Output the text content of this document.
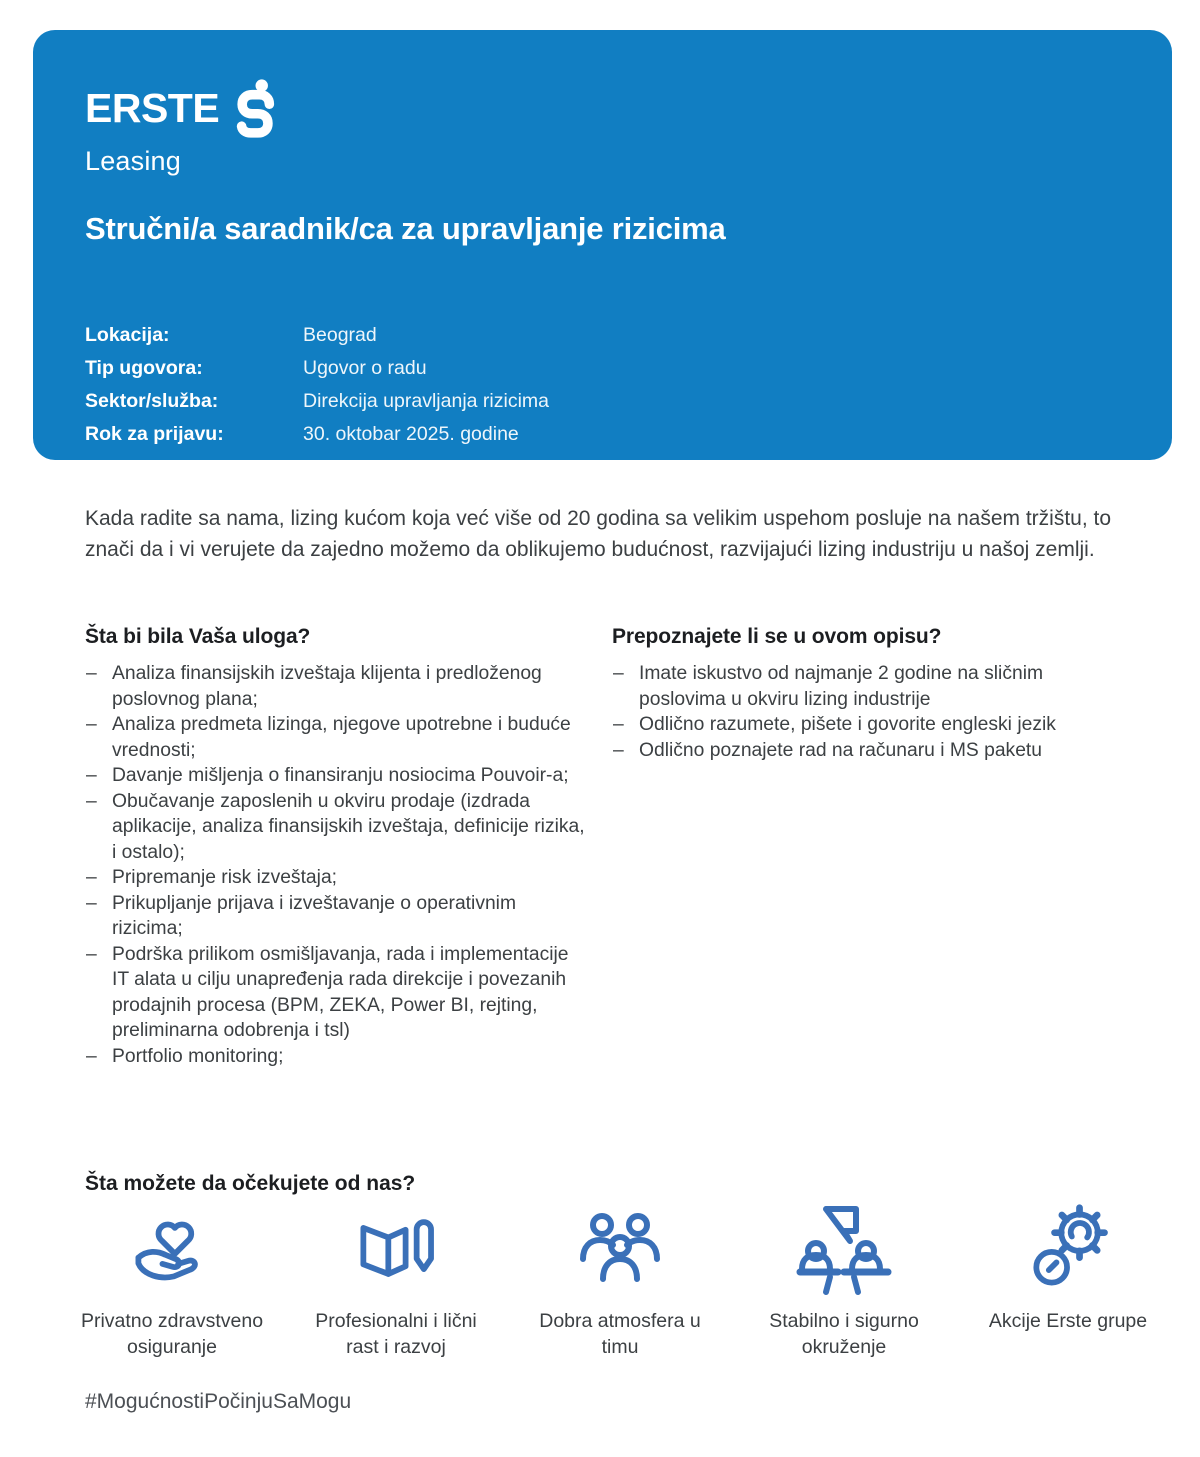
ERSTE
Leasing
Stručni/a saradnik/ca za upravljanje rizicima
Lokacija:	Beograd
Tip ugovora:	Ugovor o radu
Sektor/služba:	Direkcija upravljanja rizicima
Rok za prijavu:	30. oktobar 2025. godine

Kada radite sa nama, lizing kućom koja već više od 20 godina sa velikim uspehom posluje na našem tržištu, to znači da i vi verujete da zajedno možemo da oblikujemo budućnost, razvijajući lizing industriju u našoj zemlji.

Šta bi bila Vaša uloga?
– Analiza finansijskih izveštaja klijenta i predloženog poslovnog plana;
– Analiza predmeta lizinga, njegove upotrebne i buduće vrednosti;
– Davanje mišljenja o finansiranju nosiocima Pouvoir-a;
– Obučavanje zaposlenih u okviru prodaje (izdrada aplikacije, analiza finansijskih izveštaja, definicije rizika, i ostalo);
– Pripremanje risk izveštaja;
– Prikupljanje prijava i izveštavanje o operativnim rizicima;
– Podrška prilikom osmišljavanja, rada i implementacije IT alata u cilju unapređenja rada direkcije i povezanih prodajnih procesa (BPM, ZEKA, Power BI, rejting, preliminarna odobrenja i tsl)
– Portfolio monitoring;
Prepoznajete li se u ovom opisu?
– Imate iskustvo od najmanje 2 godine na sličnim poslovima u okviru lizing industrije
– Odlično razumete, pišete i govorite engleski jezik
– Odlično poznajete rad na računaru i MS paketu
Šta možete da očekujete od nas?
Privatno zdravstveno osiguranje
Profesionalni i lični rast i razvoj
Dobra atmosfera u timu
Stabilno i sigurno okruženje
Akcije Erste grupe

#MogućnostiPočinjuSaMogu
